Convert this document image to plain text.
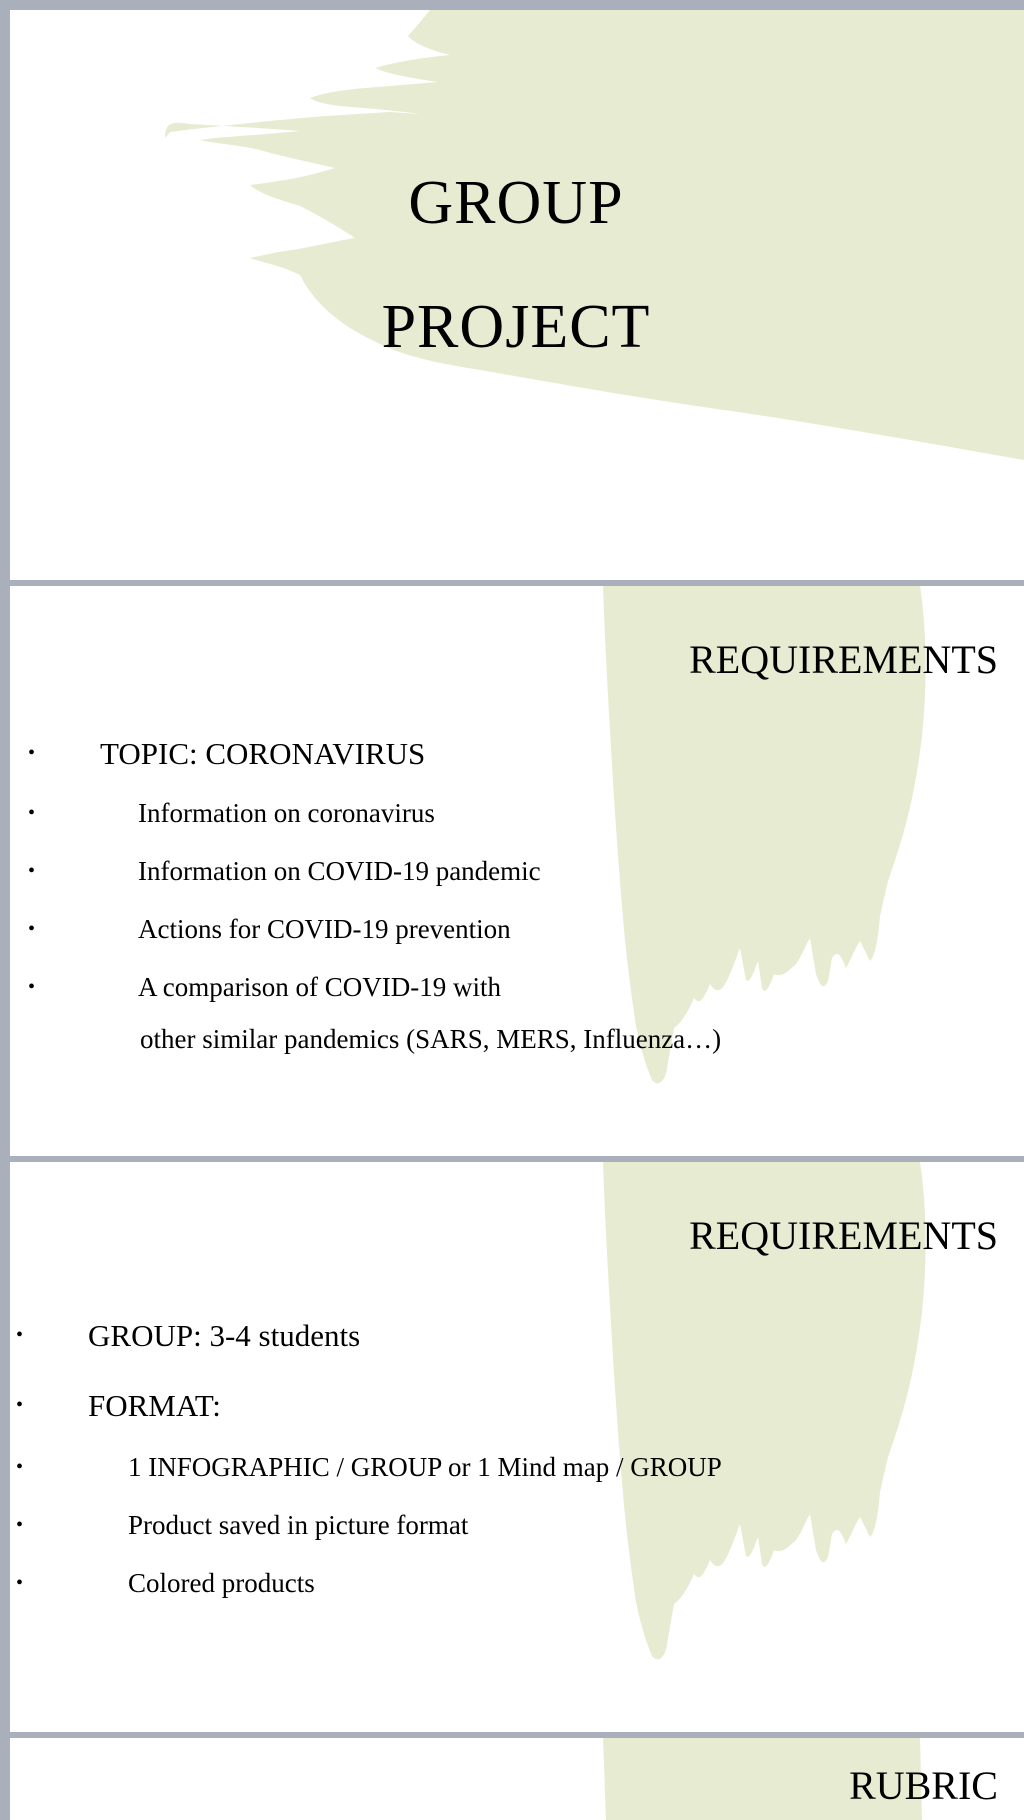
GROUP
PROJECT
REQUIREMENTS
• TOPIC: CORONAVIRUS
•	Information on coronavirus
•	Information on COVID-19 pandemic
•	Actions for COVID-19 prevention
•	A comparison of COVID-19 with
other similar pandemics (SARS, MERS, Influenza…)
REQUIREMENTS
• GROUP: 3-4 students
• FORMAT:
•	1 INFOGRAPHIC / GROUP or 1 Mind map / GROUP
•	Product saved in picture format
•	Colored products
RUBRIC
